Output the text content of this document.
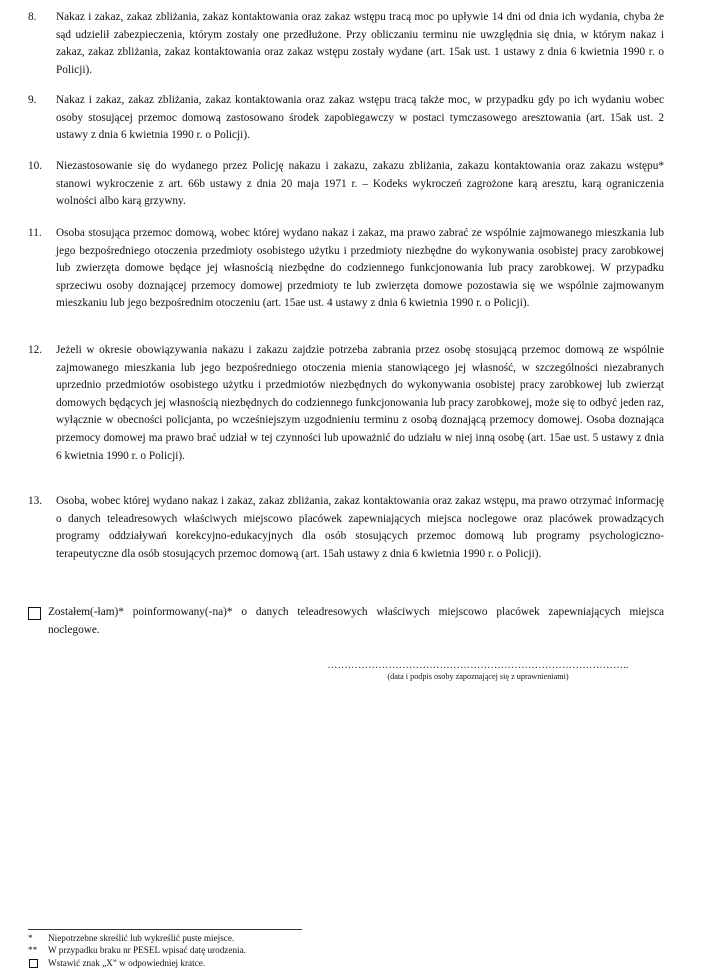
8.	Nakaz i zakaz, zakaz zbliżania, zakaz kontaktowania oraz zakaz wstępu tracą moc po upływie 14 dni od dnia ich wydania, chyba że sąd udzielił zabezpieczenia, którym zostały one przedłużone. Przy obliczaniu terminu nie uwzględnia się dnia, w którym nakaz i zakaz, zakaz zbliżania, zakaz kontaktowania oraz zakaz wstępu zostały wydane (art. 15ak ust. 1 ustawy z dnia 6 kwietnia 1990 r. o Policji).
9.	Nakaz i zakaz, zakaz zbliżania, zakaz kontaktowania oraz zakaz wstępu tracą także moc, w przypadku gdy po ich wydaniu wobec osoby stosującej przemoc domową zastosowano środek zapobiegawczy w postaci tymczasowego aresztowania (art. 15ak ust. 2 ustawy z dnia 6 kwietnia 1990 r. o Policji).
10.	Niezastosowanie się do wydanego przez Policję nakazu i zakazu, zakazu zbliżania, zakazu kontaktowania oraz zakazu wstępu* stanowi wykroczenie z art. 66b ustawy z dnia 20 maja 1971 r. – Kodeks wykroczeń zagrożone karą aresztu, karą ograniczenia wolności albo karą grzywny.
11.	Osoba stosująca przemoc domową, wobec której wydano nakaz i zakaz, ma prawo zabrać ze wspólnie zajmowanego mieszkania lub jego bezpośredniego otoczenia przedmioty osobistego użytku i przedmioty niezbędne do wykonywania osobistej pracy zarobkowej lub zwierzęta domowe będące jej własnością niezbędne do codziennego funkcjonowania lub pracy zarobkowej. W przypadku sprzeciwu osoby doznającej przemocy domowej przedmioty te lub zwierzęta domowe pozostawia się we wspólnie zajmowanym mieszkaniu lub jego bezpośrednim otoczeniu (art. 15ae ust. 4 ustawy z dnia 6 kwietnia 1990 r. o Policji).
12.	Jeżeli w okresie obowiązywania nakazu i zakazu zajdzie potrzeba zabrania przez osobę stosującą przemoc domową ze wspólnie zajmowanego mieszkania lub jego bezpośredniego otoczenia mienia stanowiącego jej własność, w szczególności niezabranych uprzednio przedmiotów osobistego użytku i przedmiotów niezbędnych do wykonywania osobistej pracy zarobkowej lub zwierząt domowych będących jej własnością niezbędnych do codziennego funkcjonowania lub pracy zarobkowej, może się to odbyć jeden raz, wyłącznie w obecności policjanta, po wcześniejszym uzgodnieniu terminu z osobą doznającą przemocy domowej. Osoba doznająca przemocy domowej ma prawo brać udział w tej czynności lub upoważnić do udziału w niej inną osobę (art. 15ae ust. 5 ustawy z dnia 6 kwietnia 1990 r. o Policji).
13.	Osoba, wobec której wydano nakaz i zakaz, zakaz zbliżania, zakaz kontaktowania oraz zakaz wstępu, ma prawo otrzymać informację o danych teleadresowych właściwych miejscowo placówek zapewniających miejsca noclegowe oraz placówek prowadzących programy oddziaływań korekcyjno-edukacyjnych dla osób stosujących przemoc domową lub programy psychologiczno-terapeutyczne dla osób stosujących przemoc domową (art. 15ah ustawy z dnia 6 kwietnia 1990 r. o Policji).
Zostałem(-łam)* poinformowany(-na)* o danych teleadresowych właściwych miejscowo placówek zapewniających miejsca noclegowe.
……………………………………………………………………………..
(data i podpis osoby zapoznającej się z uprawnieniami)
*	Niepotrzebne skreślić lub wykreślić puste miejsce.
**	W przypadku braku nr PESEL wpisać datę urodzenia.
Wstawić znak „X” w odpowiedniej kratce.
